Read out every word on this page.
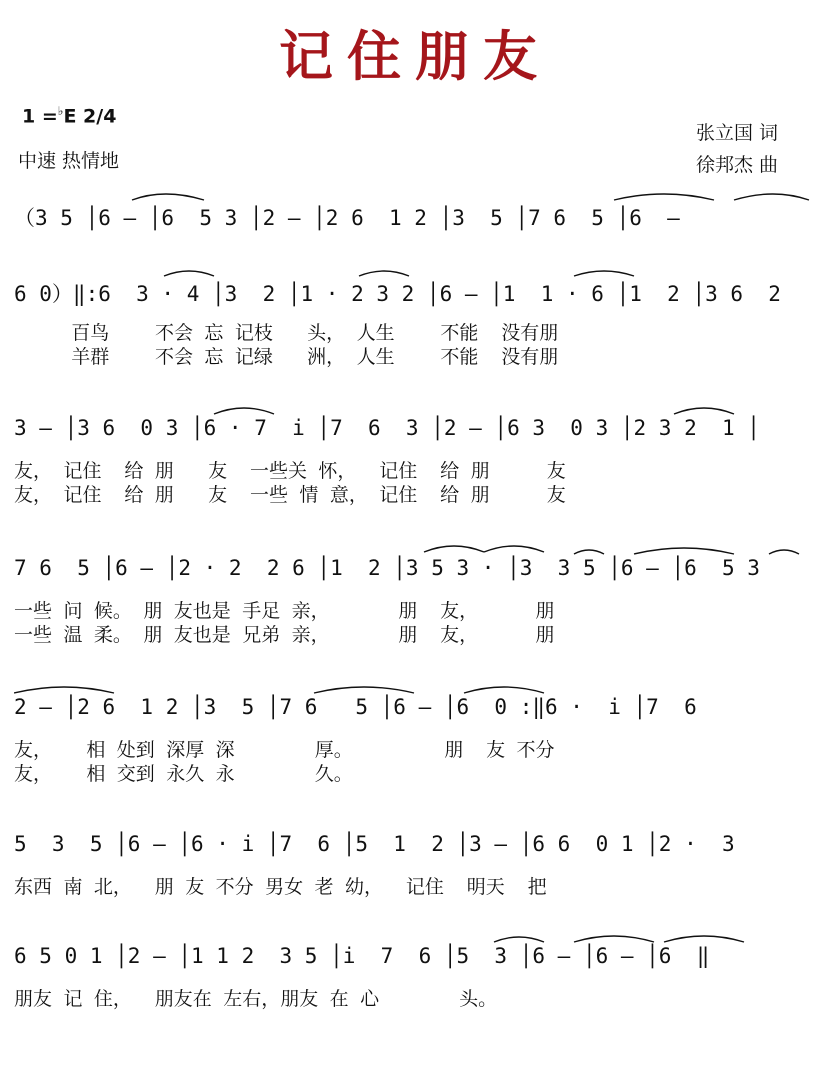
记住朋友
1 =♭E 2/4
中速 热情地
张立国 词
徐邦杰 曲
（3 5 │6 — │6  5 3 │2 — │2 6  1 2 │3  5 │7 6  5 │6  —
6 0）‖:6  3 · 4 │3  2 │1 · 2 3 2 │6 — │1  1 · 6 │1  2 │3 6  2
百鸟    不会 忘 记枝   头， 人生    不能  没有朋
羊群    不会 忘 记绿   洲， 人生    不能  没有朋
3 — │3 6  0 3 │6 · 7  i │7  6  3 │2 — │6 3  0 3 │2 3 2  1 │
友， 记住  给 朋   友  一些关 怀，  记住  给 朋     友
友， 记住  给 朋   友  一些 情 意， 记住  给 朋     友
7 6  5 │6 — │2 · 2  2 6 │1  2 │3 5 3 · │3  3 5 │6 — │6  5 3
一些 问 候。 朋 友也是 手足 亲，      朋  友，     朋
一些 温 柔。 朋 友也是 兄弟 亲，      朋  友，     朋
2 — │2 6  1 2 │3  5 │7 6   5 │6 — │6  0 :‖6 ·  i │7  6
友，   相 处到 深厚 深       厚。        朋  友 不分
友，   相 交到 永久 永       久。
5  3  5 │6 — │6 · i │7  6 │5  1  2 │3 — │6 6  0 1 │2 ·  3
东西 南 北，  朋 友 不分 男女 老 幼，  记住  明天  把
6 5 0 1 │2 — │1 1 2  3 5 │i  7  6 │5  3 │6 — │6 — │6  ‖
朋友 记 住，  朋友在 左右，朋友 在 心       头。
